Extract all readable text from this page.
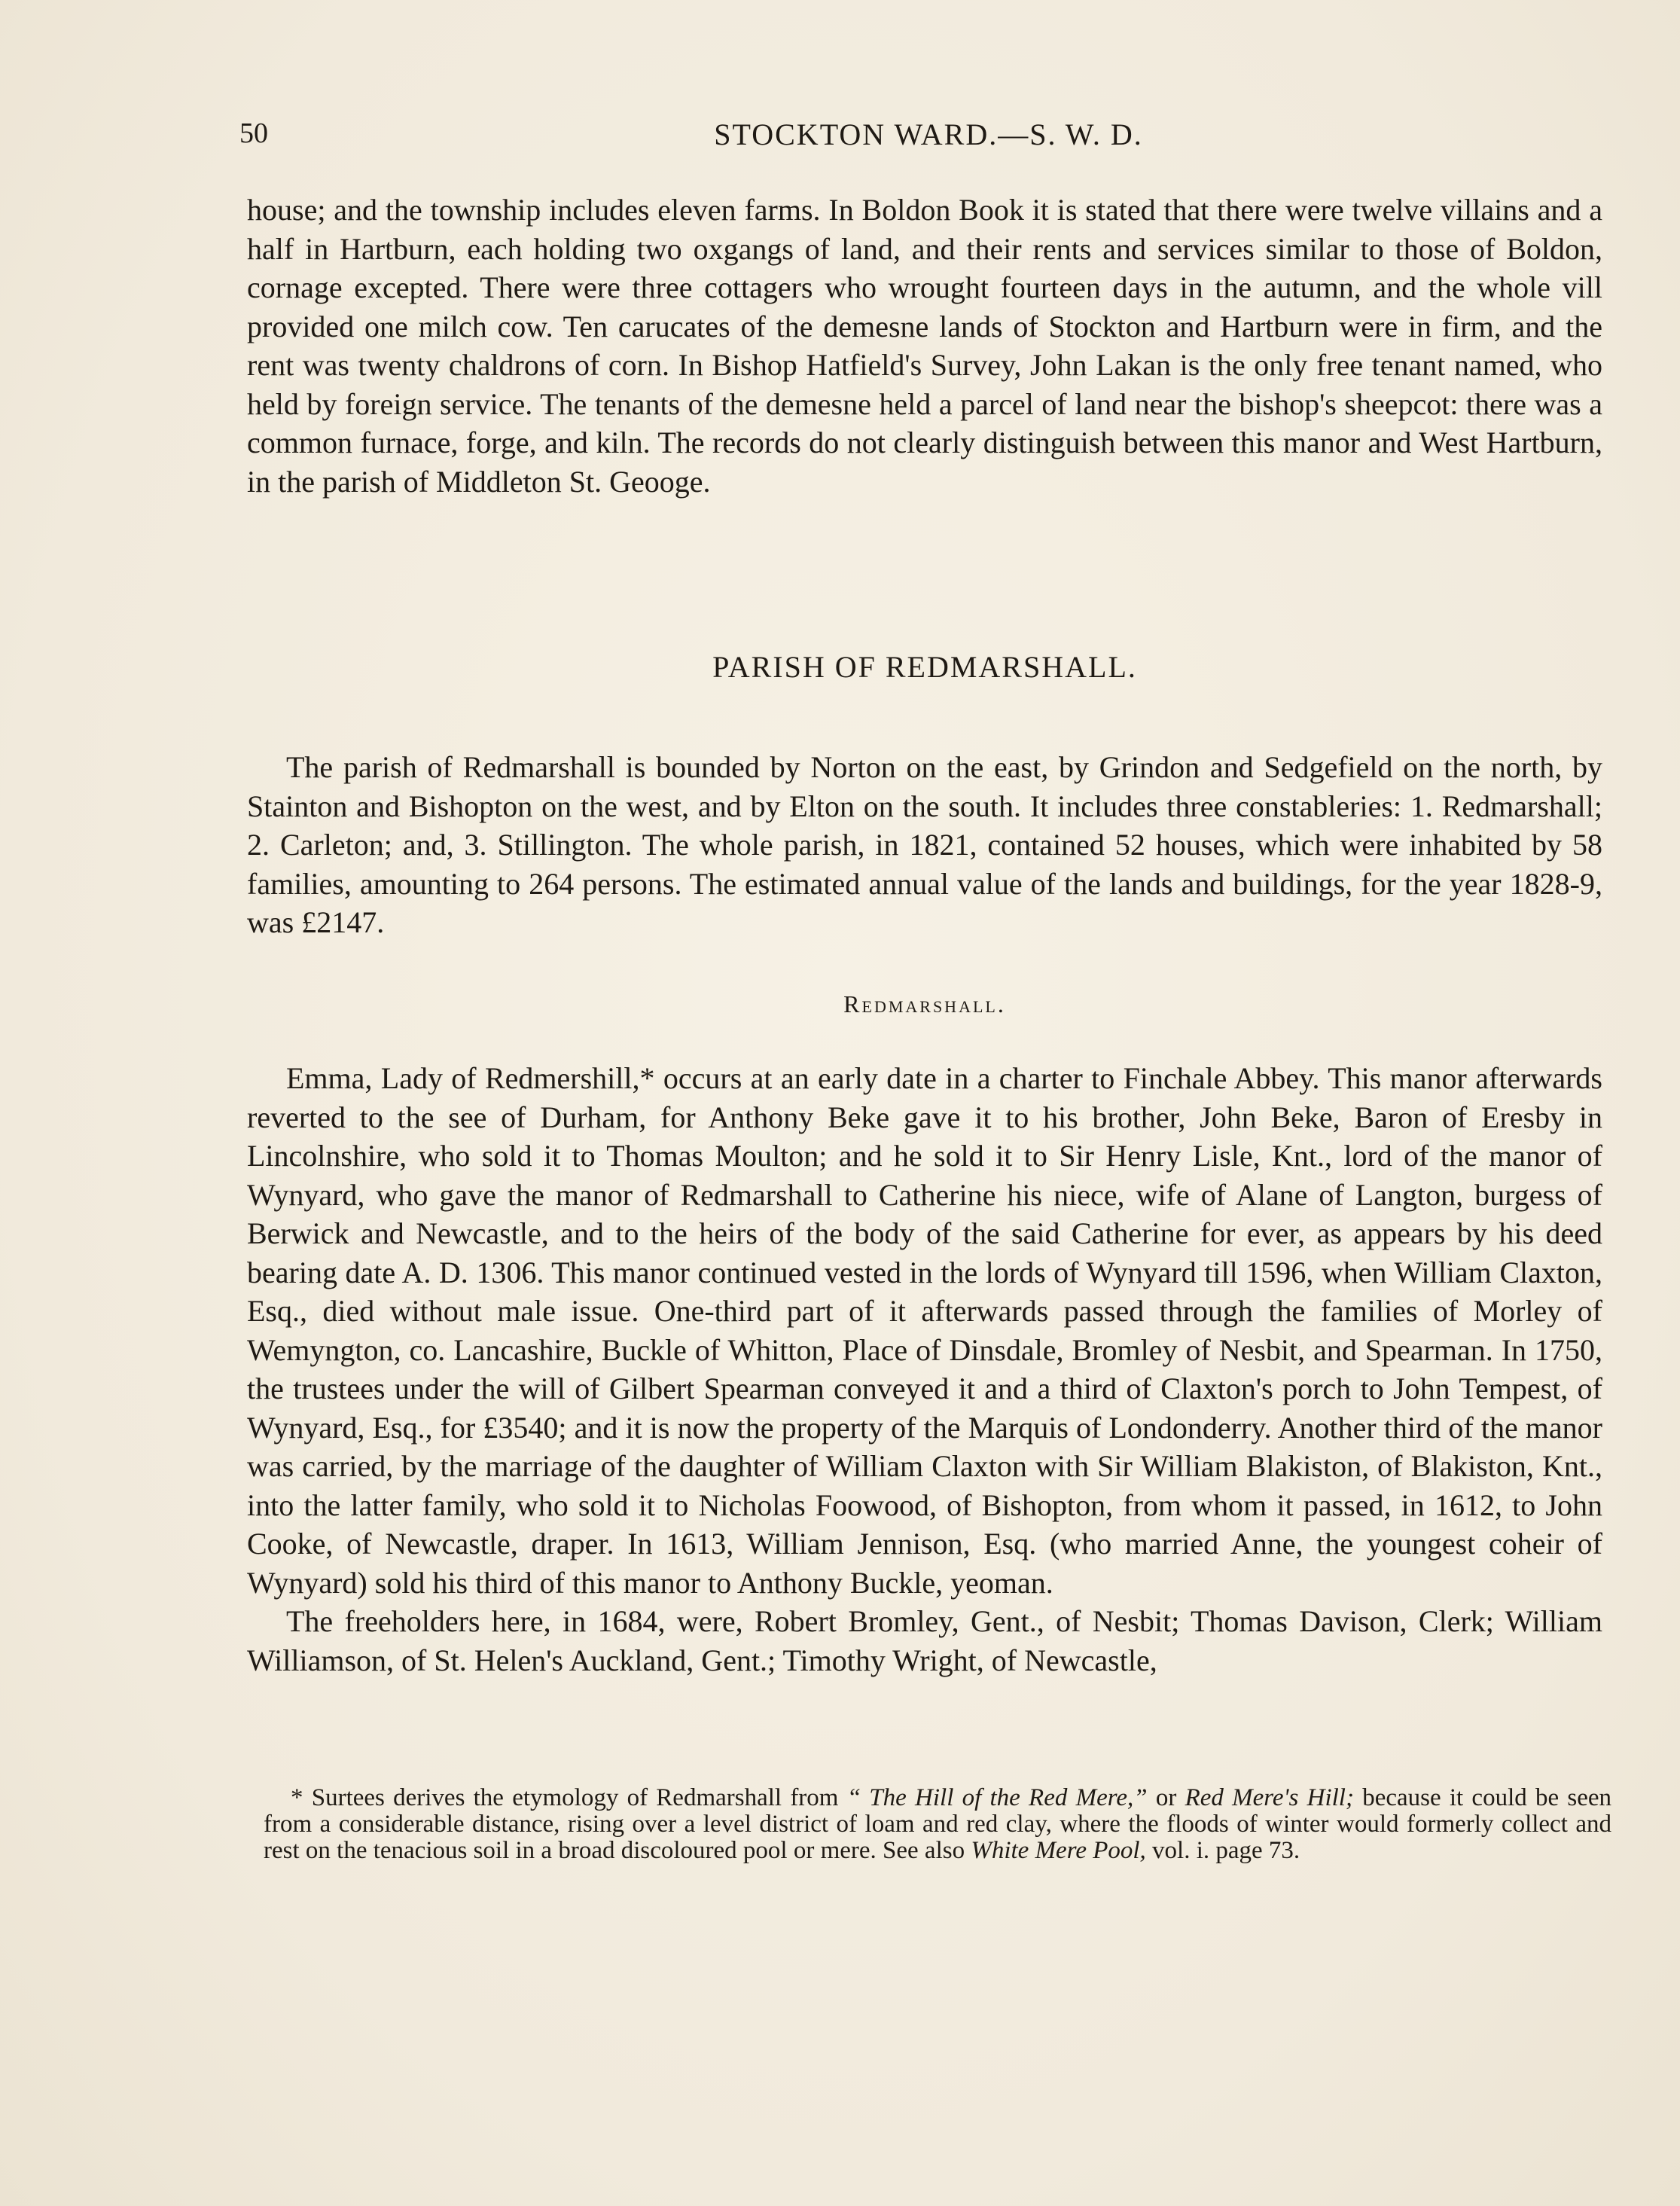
50	STOCKTON WARD.—S. W. D.

house; and the township includes eleven farms. In Boldon Book it is stated that there were twelve villains and a half in Hartburn, each holding two oxgangs of land, and their rents and services similar to those of Boldon, cornage excepted. There were three cottagers who wrought fourteen days in the autumn, and the whole vill provided one milch cow. Ten carucates of the demesne lands of Stockton and Hartburn were in firm, and the rent was twenty chaldrons of corn. In Bishop Hatfield's Survey, John Lakan is the only free tenant named, who held by foreign service. The tenants of the demesne held a parcel of land near the bishop's sheepcot: there was a common furnace, forge, and kiln. The records do not clearly distinguish between this manor and West Hartburn, in the parish of Middleton St. Geooge.

PARISH OF REDMARSHALL.

The parish of Redmarshall is bounded by Norton on the east, by Grindon and Sedgefield on the north, by Stainton and Bishopton on the west, and by Elton on the south. It includes three constableries: 1. Redmarshall; 2. Carleton; and, 3. Stillington. The whole parish, in 1821, contained 52 houses, which were inhabited by 58 families, amounting to 264 persons. The estimated annual value of the lands and buildings, for the year 1828-9, was £2147.

Redmarshall.

Emma, Lady of Redmershill,* occurs at an early date in a charter to Finchale Abbey. This manor afterwards reverted to the see of Durham, for Anthony Beke gave it to his brother, John Beke, Baron of Eresby in Lincolnshire, who sold it to Thomas Moulton; and he sold it to Sir Henry Lisle, Knt., lord of the manor of Wynyard, who gave the manor of Redmarshall to Catherine his niece, wife of Alane of Langton, burgess of Berwick and Newcastle, and to the heirs of the body of the said Catherine for ever, as appears by his deed bearing date A. D. 1306. This manor continued vested in the lords of Wynyard till 1596, when William Claxton, Esq., died without male issue. One-third part of it afterwards passed through the families of Morley of Wemyngton, co. Lancashire, Buckle of Whitton, Place of Dinsdale, Bromley of Nesbit, and Spearman. In 1750, the trustees under the will of Gilbert Spearman conveyed it and a third of Claxton's porch to John Tempest, of Wynyard, Esq., for £3540; and it is now the property of the Marquis of Londonderry. Another third of the manor was carried, by the marriage of the daughter of William Claxton with Sir William Blakiston, of Blakiston, Knt., into the latter family, who sold it to Nicholas Foowood, of Bishopton, from whom it passed, in 1612, to John Cooke, of Newcastle, draper. In 1613, William Jennison, Esq. (who married Anne, the youngest coheir of Wynyard) sold his third of this manor to Anthony Buckle, yeoman.

The freeholders here, in 1684, were, Robert Bromley, Gent., of Nesbit; Thomas Davison, Clerk; William Williamson, of St. Helen's Auckland, Gent.; Timothy Wright, of Newcastle,

* Surtees derives the etymology of Redmarshall from “ The Hill of the Red Mere,” or Red Mere's Hill; because it could be seen from a considerable distance, rising over a level district of loam and red clay, where the floods of winter would formerly collect and rest on the tenacious soil in a broad discoloured pool or mere. See also White Mere Pool, vol. i. page 73.
